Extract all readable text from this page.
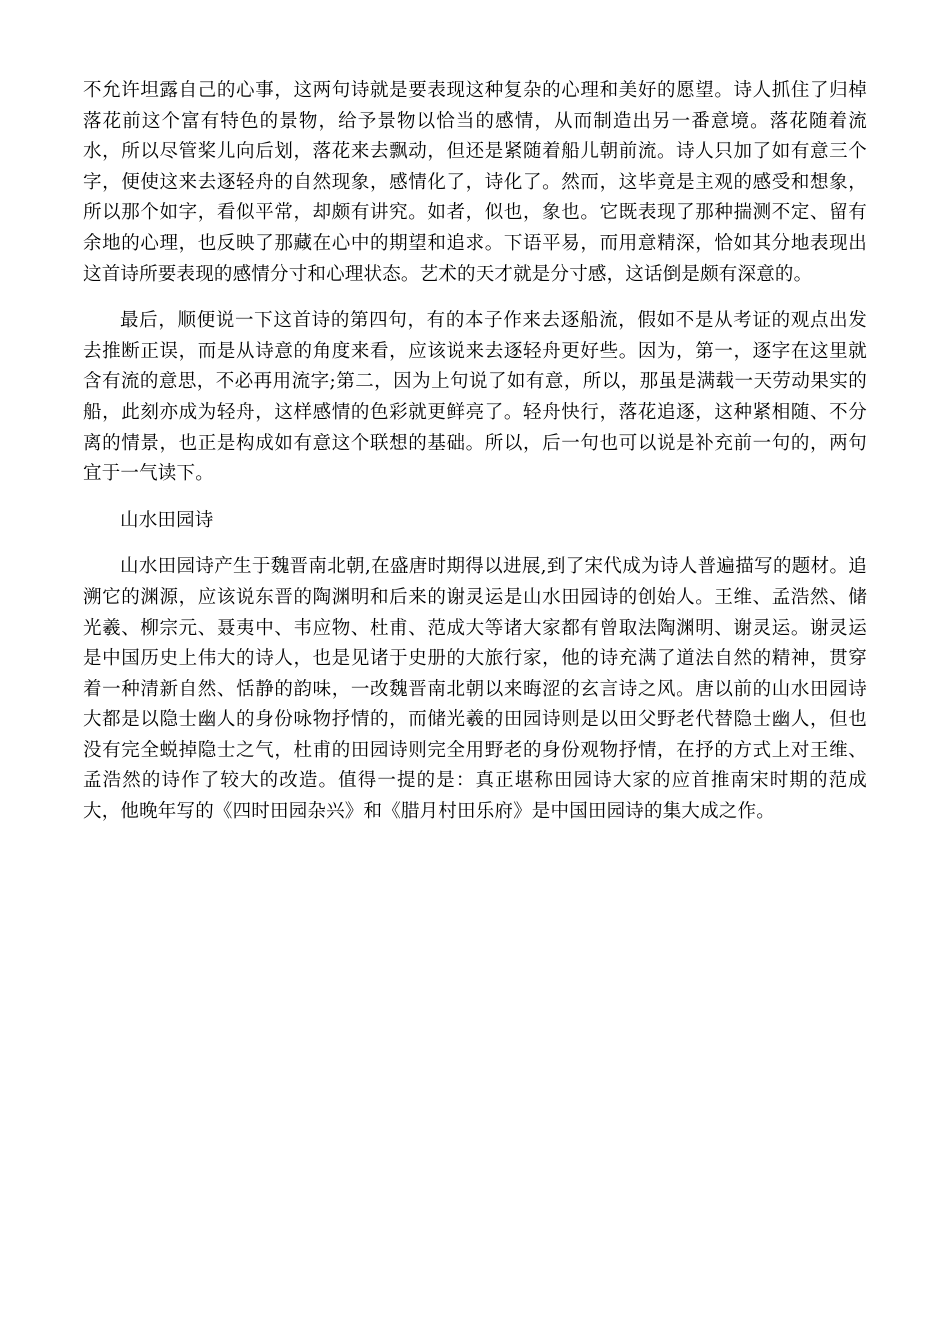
不允许坦露自己的心事，这两句诗就是要表现这种复杂的心理和美好的愿望。诗人抓住了归棹落花前这个富有特色的景物，给予景物以恰当的感情，从而制造出另一番意境。落花随着流水，所以尽管桨儿向后划，落花来去飘动，但还是紧随着船儿朝前流。诗人只加了如有意三个字，便使这来去逐轻舟的自然现象，感情化了，诗化了。然而，这毕竟是主观的感受和想象，所以那个如字，看似平常，却颇有讲究。如者，似也，象也。它既表现了那种揣测不定、留有余地的心理，也反映了那藏在心中的期望和追求。下语平易，而用意精深，恰如其分地表现出这首诗所要表现的感情分寸和心理状态。艺术的天才就是分寸感，这话倒是颇有深意的。

最后，顺便说一下这首诗的第四句，有的本子作来去逐船流，假如不是从考证的观点出发去推断正误，而是从诗意的角度来看，应该说来去逐轻舟更好些。因为，第一，逐字在这里就含有流的意思，不必再用流字;第二，因为上句说了如有意，所以，那虽是满载一天劳动果实的船，此刻亦成为轻舟，这样感情的色彩就更鲜亮了。轻舟快行，落花追逐，这种紧相随、不分离的情景，也正是构成如有意这个联想的基础。所以，后一句也可以说是补充前一句的，两句宜于一气读下。

山水田园诗

山水田园诗产生于魏晋南北朝,在盛唐时期得以进展,到了宋代成为诗人普遍描写的题材。追溯它的渊源，应该说东晋的陶渊明和后来的谢灵运是山水田园诗的创始人。王维、孟浩然、储光羲、柳宗元、聂夷中、韦应物、杜甫、范成大等诸大家都有曾取法陶渊明、谢灵运。谢灵运是中国历史上伟大的诗人，也是见诸于史册的大旅行家，他的诗充满了道法自然的精神，贯穿着一种清新自然、恬静的韵味，一改魏晋南北朝以来晦涩的玄言诗之风。唐以前的山水田园诗大都是以隐士幽人的身份咏物抒情的，而储光羲的田园诗则是以田父野老代替隐士幽人，但也没有完全蜕掉隐士之气，杜甫的田园诗则完全用野老的身份观物抒情，在抒的方式上对王维、孟浩然的诗作了较大的改造。值得一提的是：真正堪称田园诗大家的应首推南宋时期的范成大，他晚年写的《四时田园杂兴》和《腊月村田乐府》是中国田园诗的集大成之作。
